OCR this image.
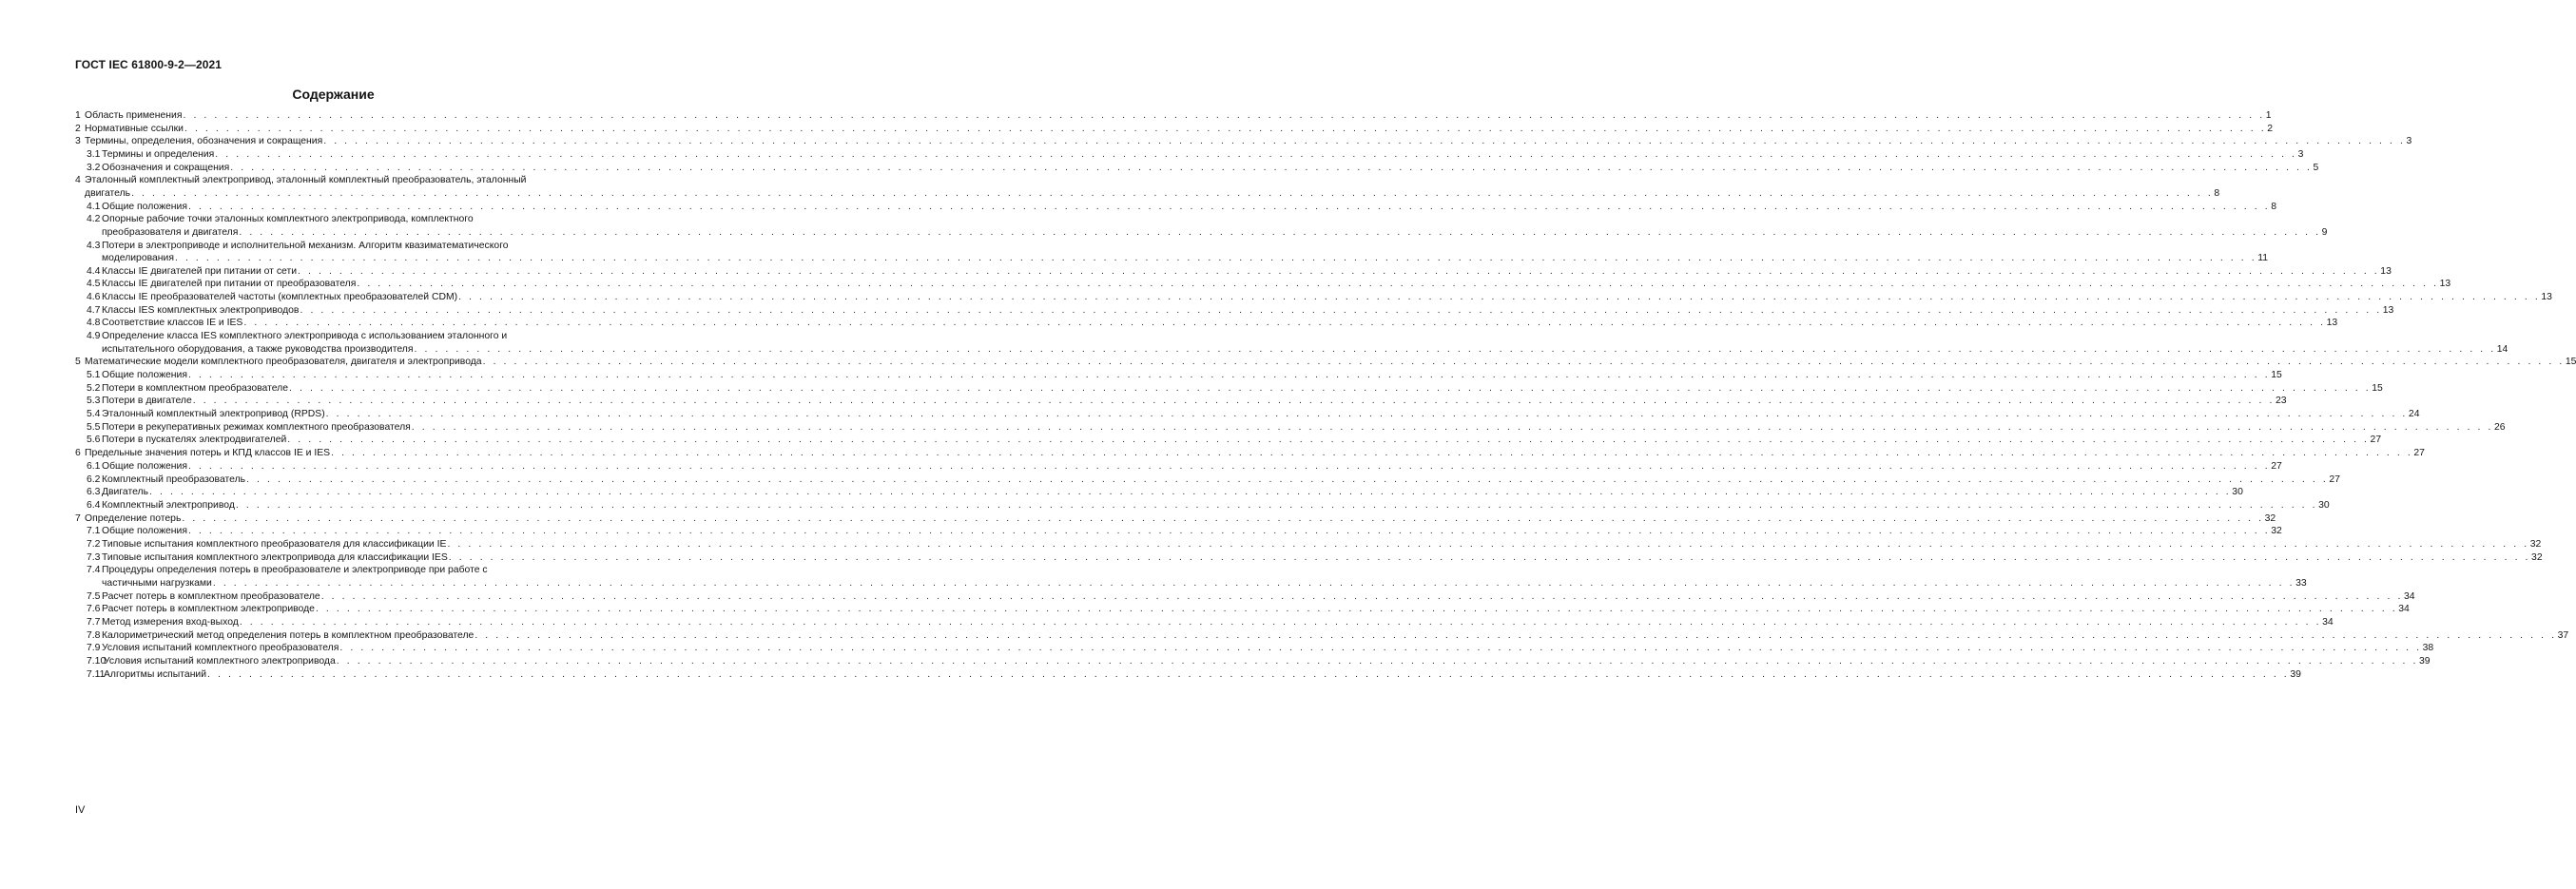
ГОСТ IEC 61800-9-2—2021
Содержание
1 Область применения . . . . . . . . . . . . . . . . . . . . . . . . . . . . . . . . . . . . . . . . . . . . . . . . . . . . . . . . . . . . . . . . . . . . . . . . . . . . . . . . . . . . . . . . . . . . . . . . . . . . . . . . . . . . . . . . . . . . . . . . . . . . . . . . . . . . . . . . . . . . . . . . . . . . . . . . . . . . . . . . . . . . . . . . . . . . . . . . . . . . . . . . . . . . . . . . . . . . . . . . 1
2 Нормативные ссылки . . . . . . . . . . . . . . . . . . . . . . . . . . . . . . . . . . . . . . . . . . . . . . . . . . . . . . . . . . . . . . . . . . . . . . . . . . . . . . . . . . . . . . . . . . . . . . . . . . . . . . . . . . . . . . . . . . . . . . . . . . . . . . . . . . . . . . . . . . . . . . . . . . . . . . . . . . . . . . . . . . . . . . . . . . . . . . . . . . . . . . . . . . . . . . . . . . . . . . . . 2
3 Термины, определения, обозначения и сокращения . . . . . . . . . . . . . . . . . . . . . . . . . . . . . . . . . . . . . . . . . . . . . . . . . . . . . . . . . . . . . . . . . . . . . . . . . . . . . . . . . . . . . . . . . . . . . . . . . . . . . . . . . . . . . . . . . . . . . . . . . . . . . . . . . . . . . . . . . . . . . . . . . . . . . . . . . . . . . . . . . . . . . . . . . . . . . . . . . . . . . . . . . . . . . . . . . . . . . . . . 3
3.1 Термины и определения . . . . . . . . . . . . . . . . . . . . . . . . . . . . . . . . . . . . . . . . . . . . . . . . . . . . . . . . . . . . . . . . . . . . . . . . . . . . . . . . . . . . . . . . . . . . . . . . . . . . . . . . . . . . . . . . . . . . . . . . . . . . . . . . . . . . . . . . . . . . . . . . . . . . . . . . . . . . . . . . . . . . . . . . . . . . . . . . . . . . . . . . . . . . . . . . . . . . . . . . 3
3.2 Обозначения и сокращения . . . . . . . . . . . . . . . . . . . . . . . . . . . . . . . . . . . . . . . . . . . . . . . . . . . . . . . . . . . . . . . . . . . . . . . . . . . . . . . . . . . . . . . . . . . . . . . . . . . . . . . . . . . . . . . . . . . . . . . . . . . . . . . . . . . . . . . . . . . . . . . . . . . . . . . . . . . . . . . . . . . . . . . . . . . . . . . . . . . . . . . . . . . . . . . . . . . . . . . . 5
4 Эталонный комплектный электропривод, эталонный комплектный преобразователь, эталонный
двигатель . . . . . . . . . . . . . . . . . . . . . . . . . . . . . . . . . . . . . . . . . . . . . . . . . . . . . . . . . . . . . . . . . . . . . . . . . . . . . . . . . . . . . . . . . . . . . . . . . . . . . . . . . . . . . . . . . . . . . . . . . . . . . . . . . . . . . . . . . . . . . . . . . . . . . . . . . . . . . . . . . . . . . . . . . . . . . . . . . . . . . . . . . . . . . . . . . . . . . . . . 8
4.1 Общие положения . . . . . . . . . . . . . . . . . . . . . . . . . . . . . . . . . . . . . . . . . . . . . . . . . . . . . . . . . . . . . . . . . . . . . . . . . . . . . . . . . . . . . . . . . . . . . . . . . . . . . . . . . . . . . . . . . . . . . . . . . . . . . . . . . . . . . . . . . . . . . . . . . . . . . . . . . . . . . . . . . . . . . . . . . . . . . . . . . . . . . . . . . . . . . . . . . . . . . . . . 8
4.2 Опорные рабочие точки эталонных комплектного электропривода, комплектного
преобразователя и двигателя . . . . . . . . . . . . . . . . . . . . . . . . . . . . . . . . . . . . . . . . . . . . . . . . . . . . . . . . . . . . . . . . . . . . . . . . . . . . . . . . . . . . . . . . . . . . . . . . . . . . . . . . . . . . . . . . . . . . . . . . . . . . . . . . . . . . . . . . . . . . . . . . . . . . . . . . . . . . . . . . . . . . . . . . . . . . . . . . . . . . . . . . . . . . . . . . . . . . . . . . 9
4.3 Потери в электроприводе и исполнительной механизм. Алгоритм квазиматематического
моделирования . . . . . . . . . . . . . . . . . . . . . . . . . . . . . . . . . . . . . . . . . . . . . . . . . . . . . . . . . . . . . . . . . . . . . . . . . . . . . . . . . . . . . . . . . . . . . . . . . . . . . . . . . . . . . . . . . . . . . . . . . . . . . . . . . . . . . . . . . . . . . . . . . . . . . . . . . . . . . . . . . . . . . . . . . . . . . . . . . . . . . . . . . . . . . . . . . . . . . . . . 11
4.4 Классы IE двигателей при питании от сети . . . . . . . . . . . . . . . . . . . . . . . . . . . . . . . . . . . . . . . . . . . . . . . . . . . . . . . . . . . . . . . . . . . . . . . . . . . . . . . . . . . . . . . . . . . . . . . . . . . . . . . . . . . . . . . . . . . . . . . . . . . . . . . . . . . . . . . . . . . . . . . . . . . . . . . . . . . . . . . . . . . . . . . . . . . . . . . . . . . . . . . . . . . . . . . . . . . . . . . . 13
4.5 Классы IE двигателей при питании от преобразователя . . . . . . . . . . . . . . . . . . . . . . . . . . . . . . . . . . . . . . . . . . . . . . . . . . . . . . . . . . . . . . . . . . . . . . . . . . . . . . . . . . . . . . . . . . . . . . . . . . . . . . . . . . . . . . . . . . . . . . . . . . . . . . . . . . . . . . . . . . . . . . . . . . . . . . . . . . . . . . . . . . . . . . . . . . . . . . . . . . . . . . . . . . . . . . . . . . . . . . . . 13
4.6 Классы IE преобразователей частоты (комплектных преобразователей CDM) . . . . . . . . . . . . . . . . . . . . . . . . . . . . . . . . . . . . . . . . . . . . . . . . . . . . . . . . . . . . . . . . . . . . . . . . . . . . . . . . . . . . . . . . . . . . . . . . . . . . . . . . . . . . . . . . . . . . . . . . . . . . . . . . . . . . . . . . . . . . . . . . . . . . . . . . . . . . . . . . . . . . . . . . . . . . . . . . . . . . . . . . . . . . . . . . . . . . . . . . 13
4.7 Классы IES комплектных электроприводов . . . . . . . . . . . . . . . . . . . . . . . . . . . . . . . . . . . . . . . . . . . . . . . . . . . . . . . . . . . . . . . . . . . . . . . . . . . . . . . . . . . . . . . . . . . . . . . . . . . . . . . . . . . . . . . . . . . . . . . . . . . . . . . . . . . . . . . . . . . . . . . . . . . . . . . . . . . . . . . . . . . . . . . . . . . . . . . . . . . . . . . . . . . . . . . . . . . . . . . . 13
4.8 Соответствие классов IE и IES . . . . . . . . . . . . . . . . . . . . . . . . . . . . . . . . . . . . . . . . . . . . . . . . . . . . . . . . . . . . . . . . . . . . . . . . . . . . . . . . . . . . . . . . . . . . . . . . . . . . . . . . . . . . . . . . . . . . . . . . . . . . . . . . . . . . . . . . . . . . . . . . . . . . . . . . . . . . . . . . . . . . . . . . . . . . . . . . . . . . . . . . . . . . . . . . . . . . . . . . 13
4.9 Определение класса IES комплектного электропривода с использованием эталонного и
испытательного оборудования, а также руководства производителя . . . . . . . . . . . . . . . . . . . . . . . . . . . . . . . . . . . . . . . . . . . . . . . . . . . . . . . . . . . . . . . . . . . . . . . . . . . . . . . . . . . . . . . . . . . . . . . . . . . . . . . . . . . . . . . . . . . . . . . . . . . . . . . . . . . . . . . . . . . . . . . . . . . . . . . . . . . . . . . . . . . . . . . . . . . . . . . . . . . . . . . . . . . . . . . . . . . . . . . . 14
5 Математические модели комплектного преобразователя, двигателя и электропривода . . . . . . . . . . . . . . . . . . . . . . . . . . . . . . . . . . . . . . . . . . . . . . . . . . . . . . . . . . . . . . . . . . . . . . . . . . . . . . . . . . . . . . . . . . . . . . . . . . . . . . . . . . . . . . . . . . . . . . . . . . . . . . . . . . . . . . . . . . . . . . . . . . . . . . . . . . . . . . . . . . . . . . . . . . . . . . . . . . . . . . . . . . . . . . . . . . . . . . . . 15
5.1 Общие положения . . . . . . . . . . . . . . . . . . . . . . . . . . . . . . . . . . . . . . . . . . . . . . . . . . . . . . . . . . . . . . . . . . . . . . . . . . . . . . . . . . . . . . . . . . . . . . . . . . . . . . . . . . . . . . . . . . . . . . . . . . . . . . . . . . . . . . . . . . . . . . . . . . . . . . . . . . . . . . . . . . . . . . . . . . . . . . . . . . . . . . . . . . . . . . . . . . . . . . . . 15
5.2 Потери в комплектном преобразователе . . . . . . . . . . . . . . . . . . . . . . . . . . . . . . . . . . . . . . . . . . . . . . . . . . . . . . . . . . . . . . . . . . . . . . . . . . . . . . . . . . . . . . . . . . . . . . . . . . . . . . . . . . . . . . . . . . . . . . . . . . . . . . . . . . . . . . . . . . . . . . . . . . . . . . . . . . . . . . . . . . . . . . . . . . . . . . . . . . . . . . . . . . . . . . . . . . . . . . . . 15
5.3 Потери в двигателе . . . . . . . . . . . . . . . . . . . . . . . . . . . . . . . . . . . . . . . . . . . . . . . . . . . . . . . . . . . . . . . . . . . . . . . . . . . . . . . . . . . . . . . . . . . . . . . . . . . . . . . . . . . . . . . . . . . . . . . . . . . . . . . . . . . . . . . . . . . . . . . . . . . . . . . . . . . . . . . . . . . . . . . . . . . . . . . . . . . . . . . . . . . . . . . . . . . . . . . . 23
5.4 Эталонный комплектный электропривод (RPDS) . . . . . . . . . . . . . . . . . . . . . . . . . . . . . . . . . . . . . . . . . . . . . . . . . . . . . . . . . . . . . . . . . . . . . . . . . . . . . . . . . . . . . . . . . . . . . . . . . . . . . . . . . . . . . . . . . . . . . . . . . . . . . . . . . . . . . . . . . . . . . . . . . . . . . . . . . . . . . . . . . . . . . . . . . . . . . . . . . . . . . . . . . . . . . . . . . . . . . . . . 24
5.5 Потери в рекуперативных режимах комплектного преобразователя . . . . . . . . . . . . . . . . . . . . . . . . . . . . . . . . . . . . . . . . . . . . . . . . . . . . . . . . . . . . . . . . . . . . . . . . . . . . . . . . . . . . . . . . . . . . . . . . . . . . . . . . . . . . . . . . . . . . . . . . . . . . . . . . . . . . . . . . . . . . . . . . . . . . . . . . . . . . . . . . . . . . . . . . . . . . . . . . . . . . . . . . . . . . . . . . . . . . . . . . 26
5.6 Потери в пускателях электродвигателей . . . . . . . . . . . . . . . . . . . . . . . . . . . . . . . . . . . . . . . . . . . . . . . . . . . . . . . . . . . . . . . . . . . . . . . . . . . . . . . . . . . . . . . . . . . . . . . . . . . . . . . . . . . . . . . . . . . . . . . . . . . . . . . . . . . . . . . . . . . . . . . . . . . . . . . . . . . . . . . . . . . . . . . . . . . . . . . . . . . . . . . . . . . . . . . . . . . . . . . . 27
6 Предельные значения потерь и КПД классов IE и IES . . . . . . . . . . . . . . . . . . . . . . . . . . . . . . . . . . . . . . . . . . . . . . . . . . . . . . . . . . . . . . . . . . . . . . . . . . . . . . . . . . . . . . . . . . . . . . . . . . . . . . . . . . . . . . . . . . . . . . . . . . . . . . . . . . . . . . . . . . . . . . . . . . . . . . . . . . . . . . . . . . . . . . . . . . . . . . . . . . . . . . . . . . . . . . . . . . . . . . . . 27
6.1 Общие положения . . . . . . . . . . . . . . . . . . . . . . . . . . . . . . . . . . . . . . . . . . . . . . . . . . . . . . . . . . . . . . . . . . . . . . . . . . . . . . . . . . . . . . . . . . . . . . . . . . . . . . . . . . . . . . . . . . . . . . . . . . . . . . . . . . . . . . . . . . . . . . . . . . . . . . . . . . . . . . . . . . . . . . . . . . . . . . . . . . . . . . . . . . . . . . . . . . . . . . . . 27
6.2 Комплектный преобразователь . . . . . . . . . . . . . . . . . . . . . . . . . . . . . . . . . . . . . . . . . . . . . . . . . . . . . . . . . . . . . . . . . . . . . . . . . . . . . . . . . . . . . . . . . . . . . . . . . . . . . . . . . . . . . . . . . . . . . . . . . . . . . . . . . . . . . . . . . . . . . . . . . . . . . . . . . . . . . . . . . . . . . . . . . . . . . . . . . . . . . . . . . . . . . . . . . . . . . . . . 27
6.3 Двигатель . . . . . . . . . . . . . . . . . . . . . . . . . . . . . . . . . . . . . . . . . . . . . . . . . . . . . . . . . . . . . . . . . . . . . . . . . . . . . . . . . . . . . . . . . . . . . . . . . . . . . . . . . . . . . . . . . . . . . . . . . . . . . . . . . . . . . . . . . . . . . . . . . . . . . . . . . . . . . . . . . . . . . . . . . . . . . . . . . . . . . . . . . . . . . . . . . . . . . . . . 30
6.4 Комплектный электропривод . . . . . . . . . . . . . . . . . . . . . . . . . . . . . . . . . . . . . . . . . . . . . . . . . . . . . . . . . . . . . . . . . . . . . . . . . . . . . . . . . . . . . . . . . . . . . . . . . . . . . . . . . . . . . . . . . . . . . . . . . . . . . . . . . . . . . . . . . . . . . . . . . . . . . . . . . . . . . . . . . . . . . . . . . . . . . . . . . . . . . . . . . . . . . . . . . . . . . . . . 30
7 Определение потерь . . . . . . . . . . . . . . . . . . . . . . . . . . . . . . . . . . . . . . . . . . . . . . . . . . . . . . . . . . . . . . . . . . . . . . . . . . . . . . . . . . . . . . . . . . . . . . . . . . . . . . . . . . . . . . . . . . . . . . . . . . . . . . . . . . . . . . . . . . . . . . . . . . . . . . . . . . . . . . . . . . . . . . . . . . . . . . . . . . . . . . . . . . . . . . . . . . . . . . . . 32
7.1 Общие положения . . . . . . . . . . . . . . . . . . . . . . . . . . . . . . . . . . . . . . . . . . . . . . . . . . . . . . . . . . . . . . . . . . . . . . . . . . . . . . . . . . . . . . . . . . . . . . . . . . . . . . . . . . . . . . . . . . . . . . . . . . . . . . . . . . . . . . . . . . . . . . . . . . . . . . . . . . . . . . . . . . . . . . . . . . . . . . . . . . . . . . . . . . . . . . . . . . . . . . . . 32
7.2 Типовые испытания комплектного преобразователя для классификации IE . . . . . . . . . . . . . . . . . . . . . . . . . . . . . . . . . . . . . . . . . . . . . . . . . . . . . . . . . . . . . . . . . . . . . . . . . . . . . . . . . . . . . . . . . . . . . . . . . . . . . . . . . . . . . . . . . . . . . . . . . . . . . . . . . . . . . . . . . . . . . . . . . . . . . . . . . . . . . . . . . . . . . . . . . . . . . . . . . . . . . . . . . . . . . . . . . . . . . . . . 32
7.3 Типовые испытания комплектного электропривода для классификации IES . . . . . . . . . . . . . . . . . . . . . . . . . . . . . . . . . . . . . . . . . . . . . . . . . . . . . . . . . . . . . . . . . . . . . . . . . . . . . . . . . . . . . . . . . . . . . . . . . . . . . . . . . . . . . . . . . . . . . . . . . . . . . . . . . . . . . . . . . . . . . . . . . . . . . . . . . . . . . . . . . . . . . . . . . . . . . . . . . . . . . . . . . . . . . . . . . . . . . . . . 32
7.4 Процедуры определения потерь в преобразователе и электроприводе при работе с
частичными нагрузками . . . . . . . . . . . . . . . . . . . . . . . . . . . . . . . . . . . . . . . . . . . . . . . . . . . . . . . . . . . . . . . . . . . . . . . . . . . . . . . . . . . . . . . . . . . . . . . . . . . . . . . . . . . . . . . . . . . . . . . . . . . . . . . . . . . . . . . . . . . . . . . . . . . . . . . . . . . . . . . . . . . . . . . . . . . . . . . . . . . . . . . . . . . . . . . . . . . . . . . . 33
7.5 Расчет потерь в комплектном преобразователе . . . . . . . . . . . . . . . . . . . . . . . . . . . . . . . . . . . . . . . . . . . . . . . . . . . . . . . . . . . . . . . . . . . . . . . . . . . . . . . . . . . . . . . . . . . . . . . . . . . . . . . . . . . . . . . . . . . . . . . . . . . . . . . . . . . . . . . . . . . . . . . . . . . . . . . . . . . . . . . . . . . . . . . . . . . . . . . . . . . . . . . . . . . . . . . . . . . . . . . . 34
7.6 Расчет потерь в комплектном электроприводе . . . . . . . . . . . . . . . . . . . . . . . . . . . . . . . . . . . . . . . . . . . . . . . . . . . . . . . . . . . . . . . . . . . . . . . . . . . . . . . . . . . . . . . . . . . . . . . . . . . . . . . . . . . . . . . . . . . . . . . . . . . . . . . . . . . . . . . . . . . . . . . . . . . . . . . . . . . . . . . . . . . . . . . . . . . . . . . . . . . . . . . . . . . . . . . . . . . . . . . . 34
7.7 Метод измерения вход-выход . . . . . . . . . . . . . . . . . . . . . . . . . . . . . . . . . . . . . . . . . . . . . . . . . . . . . . . . . . . . . . . . . . . . . . . . . . . . . . . . . . . . . . . . . . . . . . . . . . . . . . . . . . . . . . . . . . . . . . . . . . . . . . . . . . . . . . . . . . . . . . . . . . . . . . . . . . . . . . . . . . . . . . . . . . . . . . . . . . . . . . . . . . . . . . . . . . . . . . . . 34
7.8 Калориметрический метод определения потерь в комплектном преобразователе . . . . . . . . . . . . . . . . . . . . . . . . . . . . . . . . . . . . . . . . . . . . . . . . . . . . . . . . . . . . . . . . . . . . . . . . . . . . . . . . . . . . . . . . . . . . . . . . . . . . . . . . . . . . . . . . . . . . . . . . . . . . . . . . . . . . . . . . . . . . . . . . . . . . . . . . . . . . . . . . . . . . . . . . . . . . . . . . . . . . . . . . . . . . . . . . . . . . . . . . 37
7.9 Условия испытаний комплектного преобразователя . . . . . . . . . . . . . . . . . . . . . . . . . . . . . . . . . . . . . . . . . . . . . . . . . . . . . . . . . . . . . . . . . . . . . . . . . . . . . . . . . . . . . . . . . . . . . . . . . . . . . . . . . . . . . . . . . . . . . . . . . . . . . . . . . . . . . . . . . . . . . . . . . . . . . . . . . . . . . . . . . . . . . . . . . . . . . . . . . . . . . . . . . . . . . . . . . . . . . . . . 38
7.10
Условия испытаний комплектного электропривода . . . . . . . . . . . . . . . . . . . . . . . . . . . . . . . . . . . . . . . . . . . . . . . . . . . . . . . . . . . . . . . . . . . . . . . . . . . . . . . . . . . . . . . . . . . . . . . . . . . . . . . . . . . . . . . . . . . . . . . . . . . . . . . . . . . . . . . . . . . . . . . . . . . . . . . . . . . . . . . . . . . . . . . . . . . . . . . . . . . . . . . . . . . . . . . . . . . . . . . . 39
7.11
Алгоритмы испытаний . . . . . . . . . . . . . . . . . . . . . . . . . . . . . . . . . . . . . . . . . . . . . . . . . . . . . . . . . . . . . . . . . . . . . . . . . . . . . . . . . . . . . . . . . . . . . . . . . . . . . . . . . . . . . . . . . . . . . . . . . . . . . . . . . . . . . . . . . . . . . . . . . . . . . . . . . . . . . . . . . . . . . . . . . . . . . . . . . . . . . . . . . . . . . . . . . . . . . . . . 39
IV
